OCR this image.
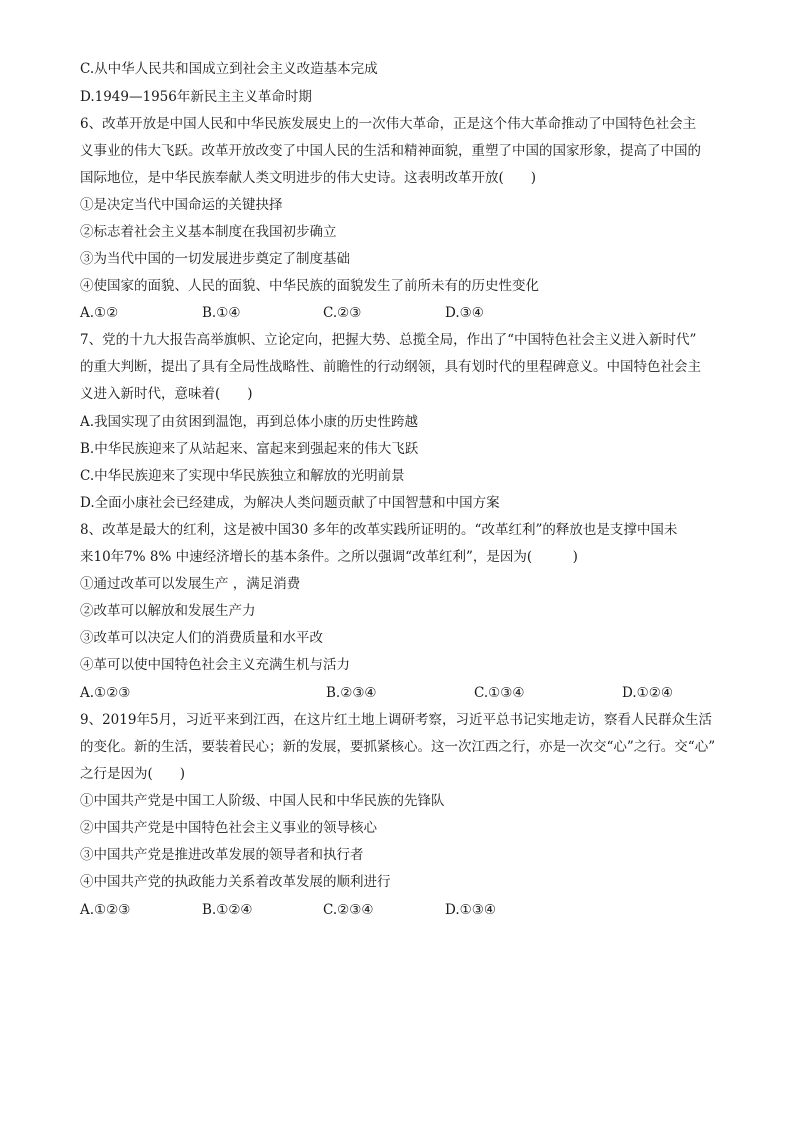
C.从中华人民共和国成立到社会主义改造基本完成
D.1949—1956年新民主主义革命时期
6、改革开放是中国人民和中华民族发展史上的一次伟大革命，正是这个伟大革命推动了中国特色社会主
义事业的伟大飞跃。改革开放改变了中国人民的生活和精神面貌，重塑了中国的国家形象，提高了中国的
国际地位，是中华民族奉献人类文明进步的伟大史诗。这表明改革开放(　　)
①是决定当代中国命运的关键抉择
②标志着社会主义基本制度在我国初步确立
③为当代中国的一切发展进步奠定了制度基础
④使国家的面貌、人民的面貌、中华民族的面貌发生了前所未有的历史性变化
A.①②	B.①④	C.②③	D.③④
7、党的十九大报告高举旗帜、立论定向，把握大势、总揽全局，作出了“中国特色社会主义进入新时代”
的重大判断，提出了具有全局性战略性、前瞻性的行动纲领，具有划时代的里程碑意义。中国特色社会主
义进入新时代，意味着(　　)
A.我国实现了由贫困到温饱，再到总体小康的历史性跨越
B.中华民族迎来了从站起来、富起来到强起来的伟大飞跃
C.中华民族迎来了实现中华民族独立和解放的光明前景
D.全面小康社会已经建成，为解决人类问题贡献了中国智慧和中国方案
8、改革是最大的红利，这是被中国30 多年的改革实践所证明的。“改革红利”的释放也是支撑中国未
来10年7% 8% 中速经济增长的基本条件。之所以强调“改革红利”，是因为(　　　)
①通过改革可以发展生产 ，满足消费
②改革可以解放和发展生产力
③改革可以决定人们的消费质量和水平改
④革可以使中国特色社会主义充满生机与活力
A.①②③	B.②③④	C.①③④	D.①②④
9、2019年5月，习近平来到江西，在这片红土地上调研考察，习近平总书记实地走访，察看人民群众生活
的变化。新的生活，要装着民心；新的发展，要抓紧核心。这一次江西之行，亦是一次交“心”之行。交“心”
之行是因为(　　)
①中国共产党是中国工人阶级、中国人民和中华民族的先锋队
②中国共产党是中国特色社会主义事业的领导核心
③中国共产党是推进改革发展的领导者和执行者
④中国共产党的执政能力关系着改革发展的顺利进行
A.①②③	B.①②④	C.②③④	D.①③④
